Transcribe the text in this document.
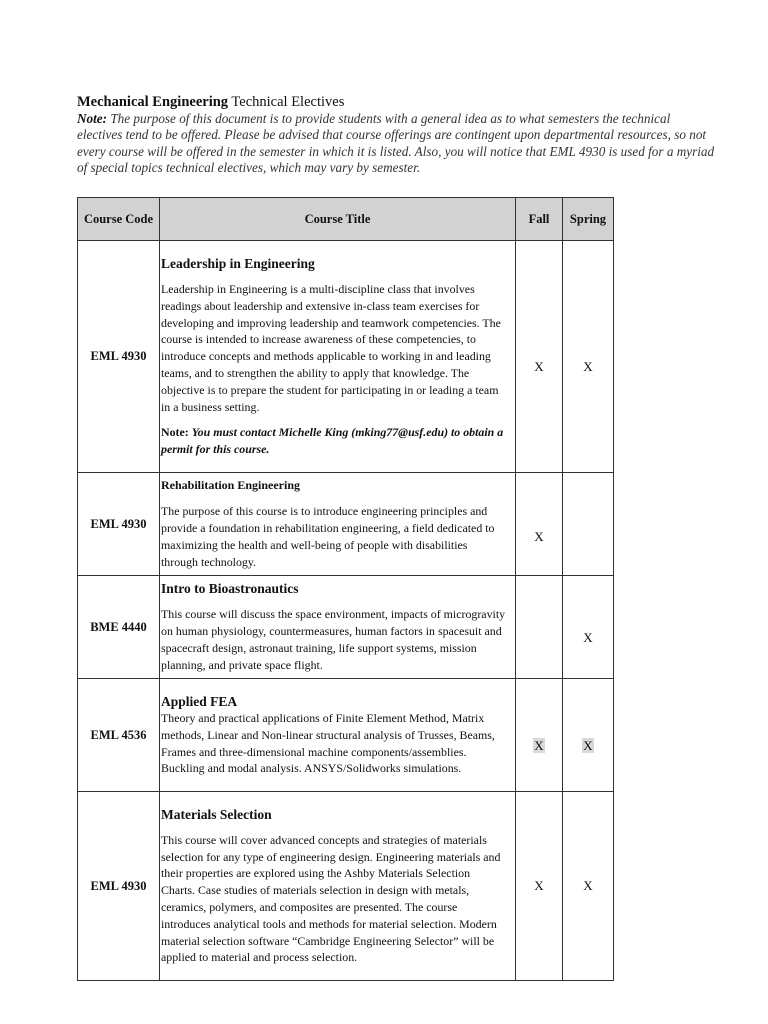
Mechanical Engineering Technical Electives
Note: The purpose of this document is to provide students with a general idea as to what semesters the technical electives tend to be offered. Please be advised that course offerings are contingent upon departmental resources, so not every course will be offered in the semester in which it is listed. Also, you will notice that EML 4930 is used for a myriad of special topics technical electives, which may vary by semester.
Course Code	Course Title	Fall	Spring
EML 4930	Leadership in Engineering

Leadership in Engineering is a multi-discipline class that involves readings about leadership and extensive in-class team exercises for developing and improving leadership and teamwork competencies. The course is intended to increase awareness of these competencies, to introduce concepts and methods applicable to working in and leading teams, and to strengthen the ability to apply that knowledge. The objective is to prepare the student for participating in or leading a team in a business setting.

Note: You must contact Michelle King (mking77@usf.edu) to obtain a permit for this course.	X	X
EML 4930	Rehabilitation Engineering

The purpose of this course is to introduce engineering principles and provide a foundation in rehabilitation engineering, a field dedicated to maximizing the health and well-being of people with disabilities through technology.	X	
BME 4440	Intro to Bioastronautics

This course will discuss the space environment, impacts of microgravity on human physiology, countermeasures, human factors in spacesuit and spacecraft design, astronaut training, life support systems, mission planning, and private space flight.		X
EML 4536	Applied FEA

Theory and practical applications of Finite Element Method, Matrix methods, Linear and Non-linear structural analysis of Trusses, Beams, Frames and three-dimensional machine components/assemblies. Buckling and modal analysis. ANSYS/Solidworks simulations.	X	X
EML 4930	Materials Selection

This course will cover advanced concepts and strategies of materials selection for any type of engineering design. Engineering materials and their properties are explored using the Ashby Materials Selection Charts. Case studies of materials selection in design with metals, ceramics, polymers, and composites are presented. The course introduces analytical tools and methods for material selection. Modern material selection software “Cambridge Engineering Selector” will be applied to material and process selection.	X	X
